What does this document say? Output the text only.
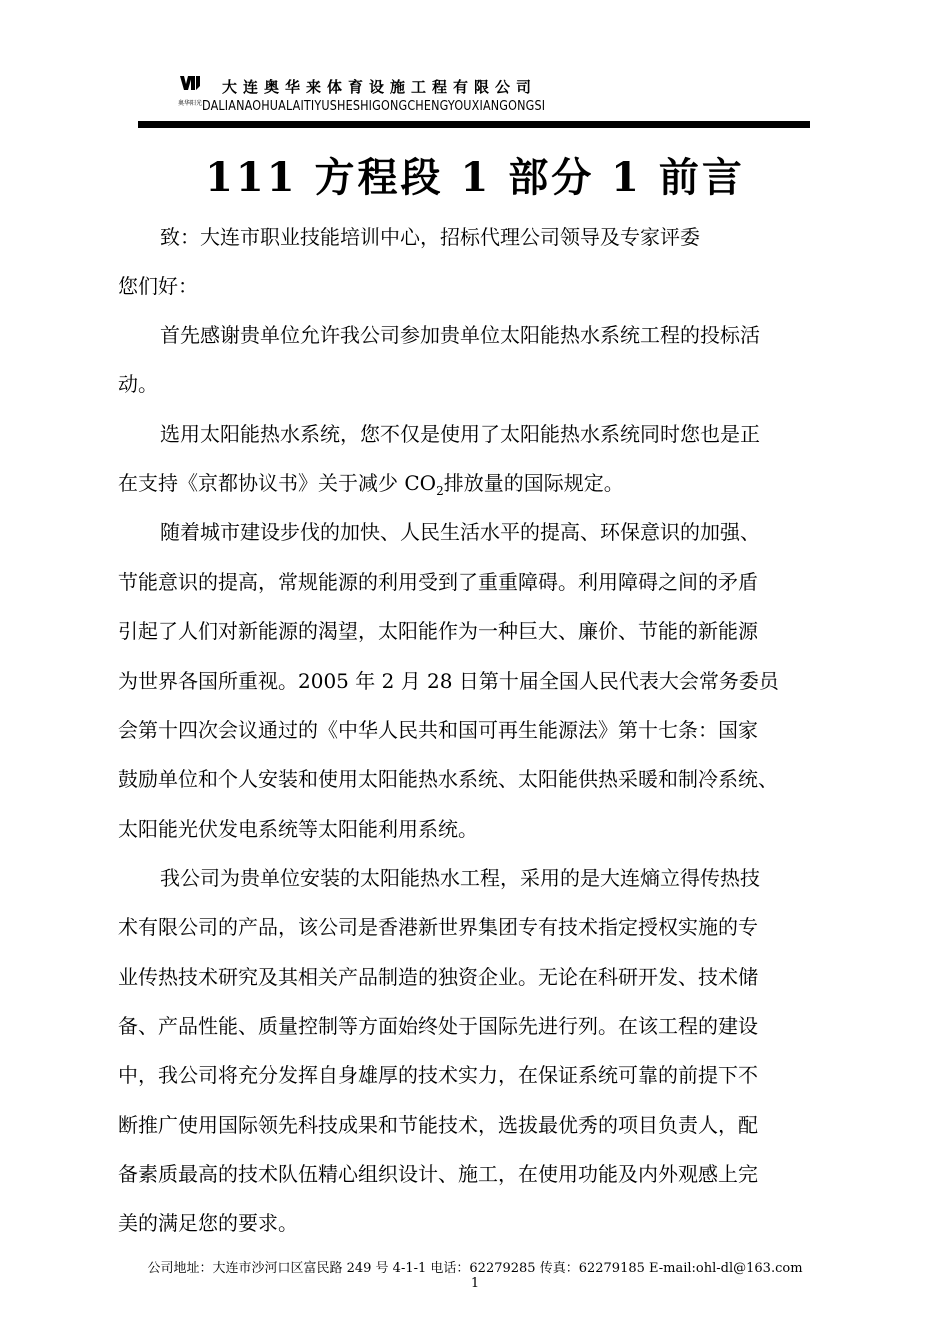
奥华阳光
大连奥华来体育设施工程有限公司
DALIANAOHUALAITIYUSHESHIGONGCHENGYOUXIANGONGSI
111 方程段 1 部分 1 前言
致：大连市职业技能培训中心，招标代理公司领导及专家评委
您们好：
首先感谢贵单位允许我公司参加贵单位太阳能热水系统工程的投标活
动。
选用太阳能热水系统，您不仅是使用了太阳能热水系统同时您也是正
在支持《京都协议书》关于减少 $CO_2$排放量的国际规定。
随着城市建设步伐的加快、人民生活水平的提高、环保意识的加强、
节能意识的提高，常规能源的利用受到了重重障碍。利用障碍之间的矛盾
引起了人们对新能源的渴望，太阳能作为一种巨大、廉价、节能的新能源
为世界各国所重视。2005 年 2 月 28 日第十届全国人民代表大会常务委员
会第十四次会议通过的《中华人民共和国可再生能源法》第十七条：国家
鼓励单位和个人安装和使用太阳能热水系统、太阳能供热采暖和制冷系统、
太阳能光伏发电系统等太阳能利用系统。
我公司为贵单位安装的太阳能热水工程，采用的是大连熵立得传热技
术有限公司的产品，该公司是香港新世界集团专有技术指定授权实施的专
业传热技术研究及其相关产品制造的独资企业。无论在科研开发、技术储
备、产品性能、质量控制等方面始终处于国际先进行列。在该工程的建设
中，我公司将充分发挥自身雄厚的技术实力，在保证系统可靠的前提下不
断推广使用国际领先科技成果和节能技术，选拔最优秀的项目负责人，配
备素质最高的技术队伍精心组织设计、施工，在使用功能及内外观感上完
美的满足您的要求。
公司地址：大连市沙河口区富民路 249 号 4-1-1 电话：62279285 传真：62279185 E-mail:ohl-dl@163.com
1
